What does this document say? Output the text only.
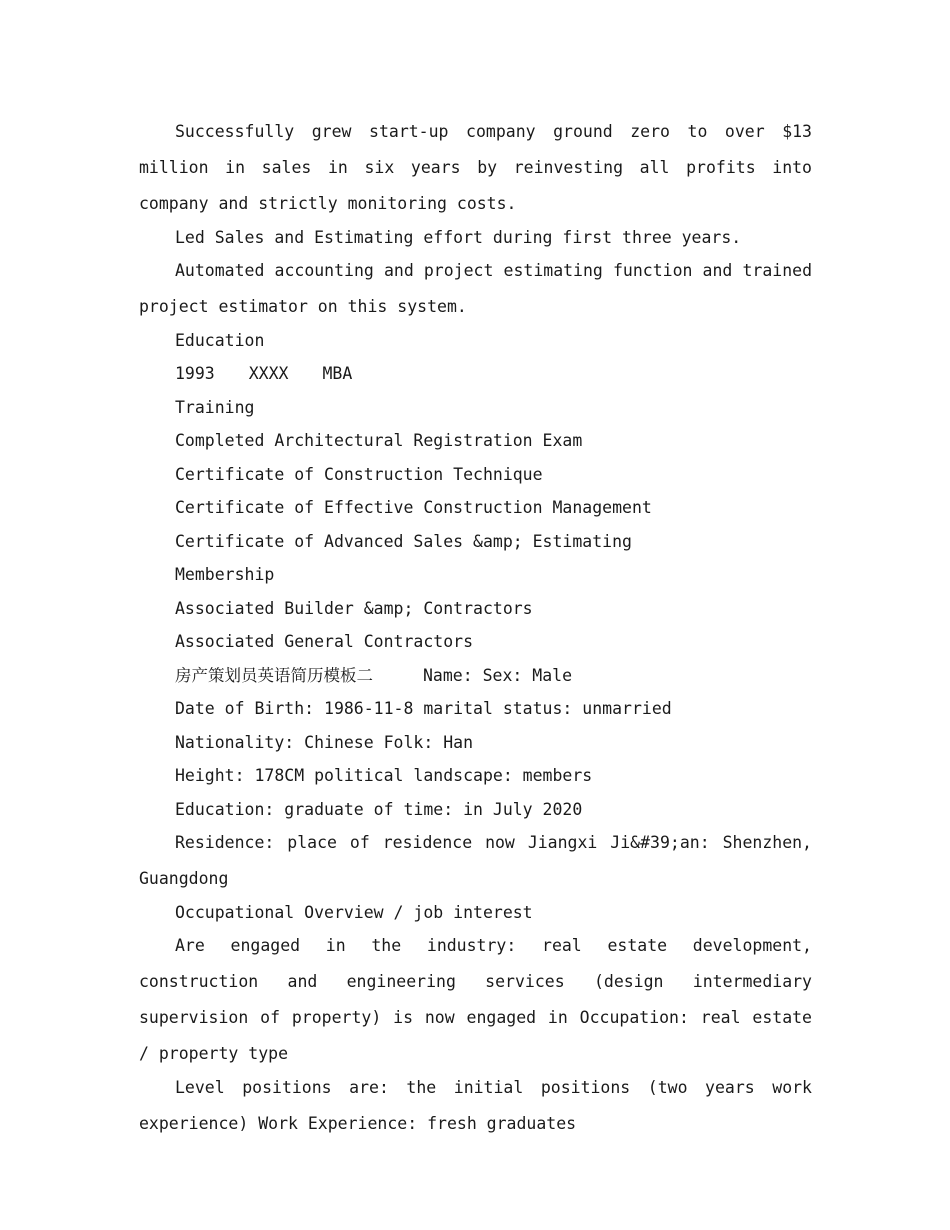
Successfully grew start-up company ground zero to over $13 million in sales in six years by reinvesting all profits into company and strictly monitoring costs.

Led Sales and Estimating effort during first three years.

Automated accounting and project estimating function and trained project estimator on this system.

Education

1993 XXXX MBA

Training

Completed Architectural Registration Exam

Certificate of Construction Technique

Certificate of Effective Construction Management

Certificate of Advanced Sales &amp; Estimating

Membership

Associated Builder &amp; Contractors

Associated General Contractors

房产策划员英语简历模板二	Name: Sex: Male

Date of Birth: 1986-11-8 marital status: unmarried

Nationality: Chinese Folk: Han

Height: 178CM political landscape: members

Education: graduate of time: in July 2020

Residence: place of residence now Jiangxi Ji&#39;an: Shenzhen, Guangdong

Occupational Overview / job interest

Are engaged in the industry: real estate development, construction and engineering services (design intermediary supervision of property) is now engaged in Occupation: real estate / property type

Level positions are: the initial positions (two years work experience) Work Experience: fresh graduates
